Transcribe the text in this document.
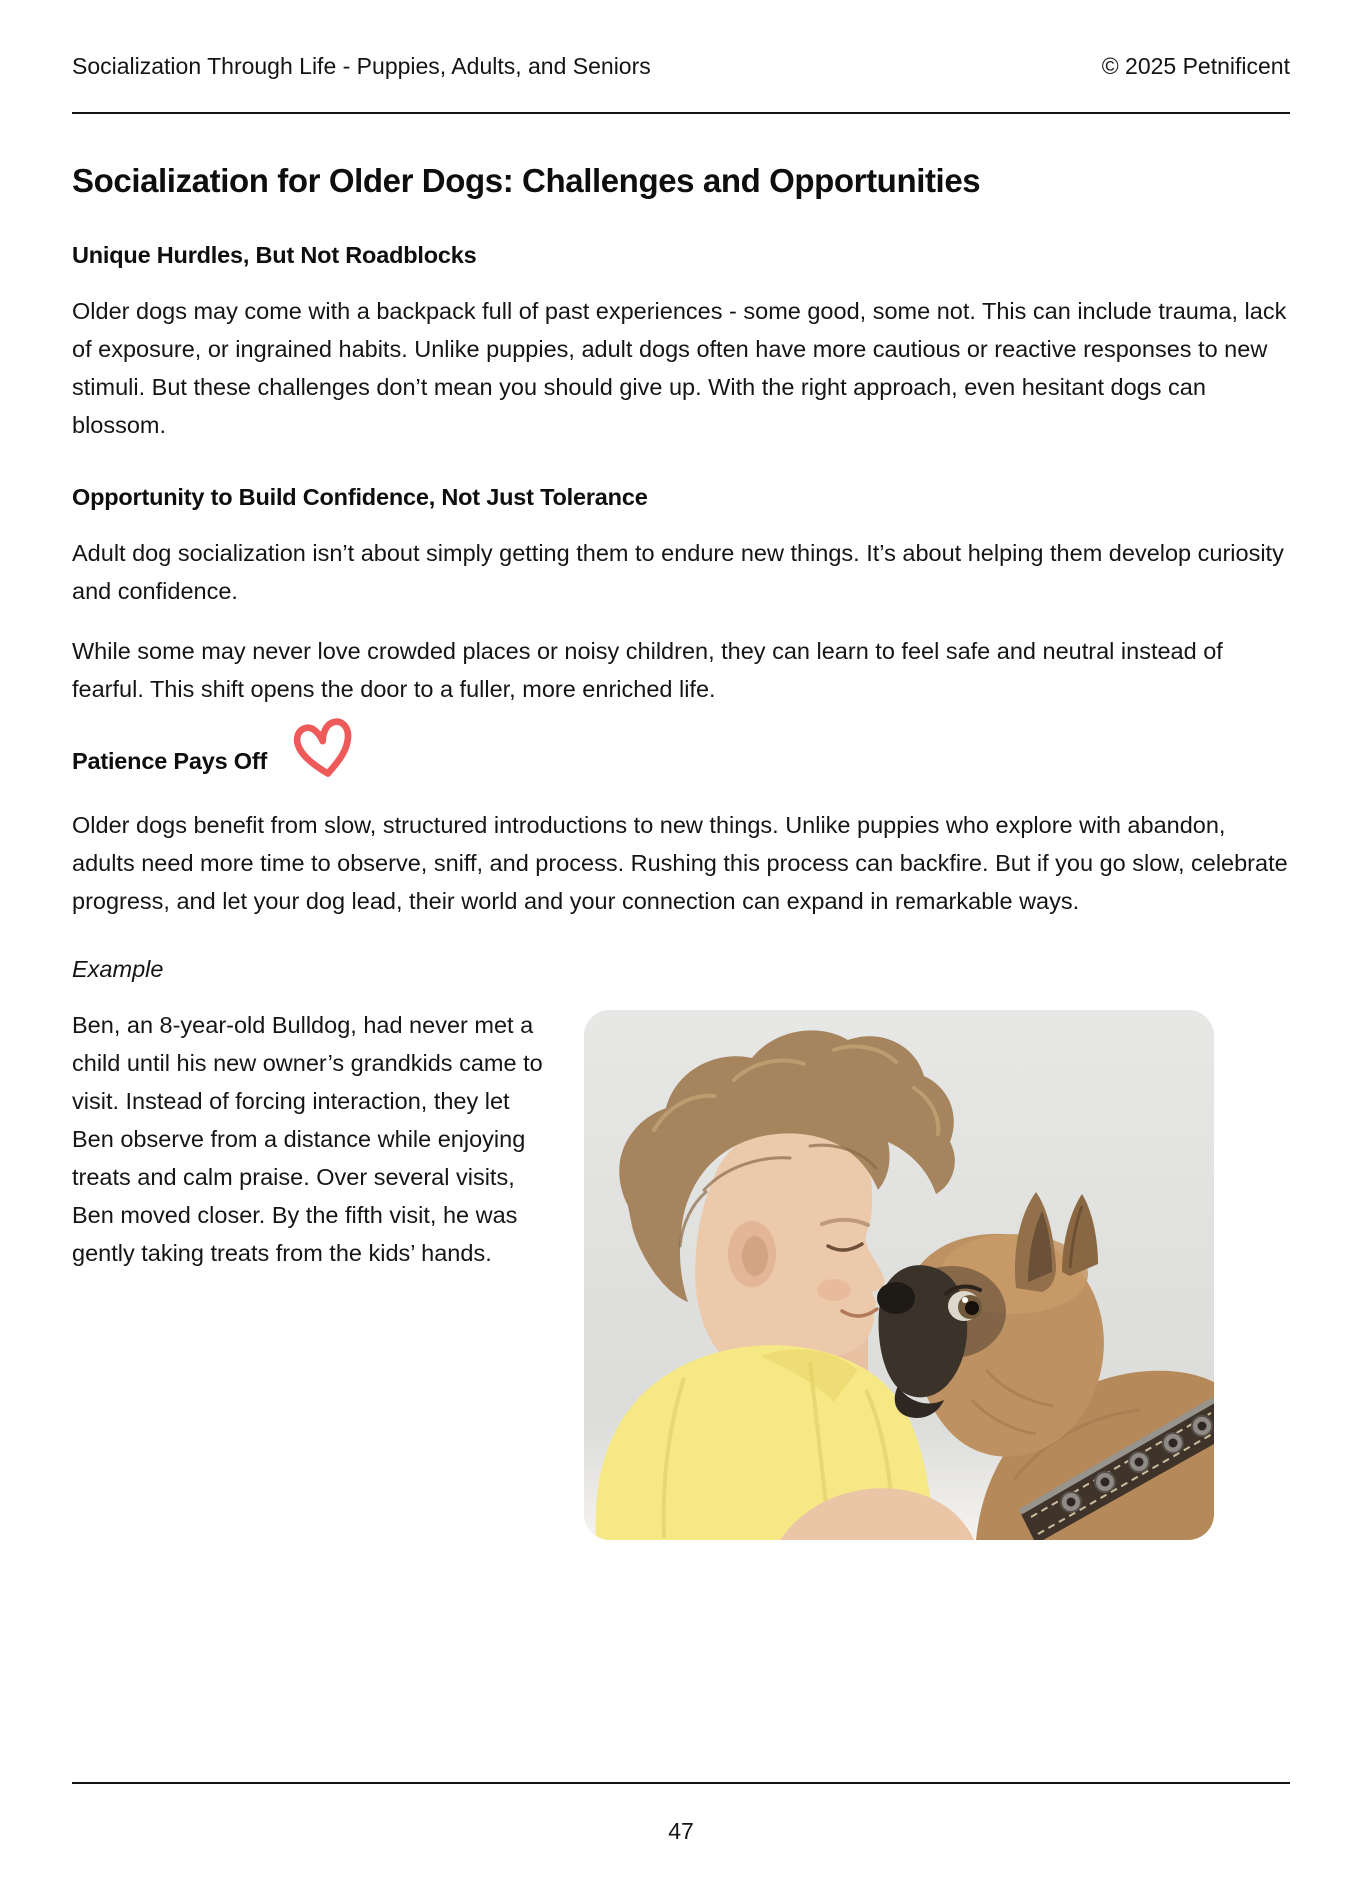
Socialization Through Life - Puppies, Adults, and Seniors	© 2025 Petnificent
Socialization for Older Dogs: Challenges and Opportunities
Unique Hurdles, But Not Roadblocks

Older dogs may come with a backpack full of past experiences - some good, some not. This can include trauma, lack of exposure, or ingrained habits. Unlike puppies, adult dogs often have more cautious or reactive responses to new stimuli. But these challenges don’t mean you should give up. With the right approach, even hesitant dogs can blossom.

Opportunity to Build Confidence, Not Just Tolerance

Adult dog socialization isn’t about simply getting them to endure new things. It’s about helping them develop curiosity and confidence.

While some may never love crowded places or noisy children, they can learn to feel safe and neutral instead of fearful. This shift opens the door to a fuller, more enriched life.

Patience Pays Off

Older dogs benefit from slow, structured introductions to new things. Unlike puppies who explore with abandon, adults need more time to observe, sniff, and process. Rushing this process can backfire. But if you go slow, celebrate progress, and let your dog lead, their world and your connection can expand in remarkable ways.

Example

Ben, an 8-year-old Bulldog, had never met a child until his new owner’s grandkids came to visit. Instead of forcing interaction, they let Ben observe from a distance while enjoying treats and calm praise. Over several visits, Ben moved closer. By the fifth visit, he was gently taking treats from the kids’ hands.

47
